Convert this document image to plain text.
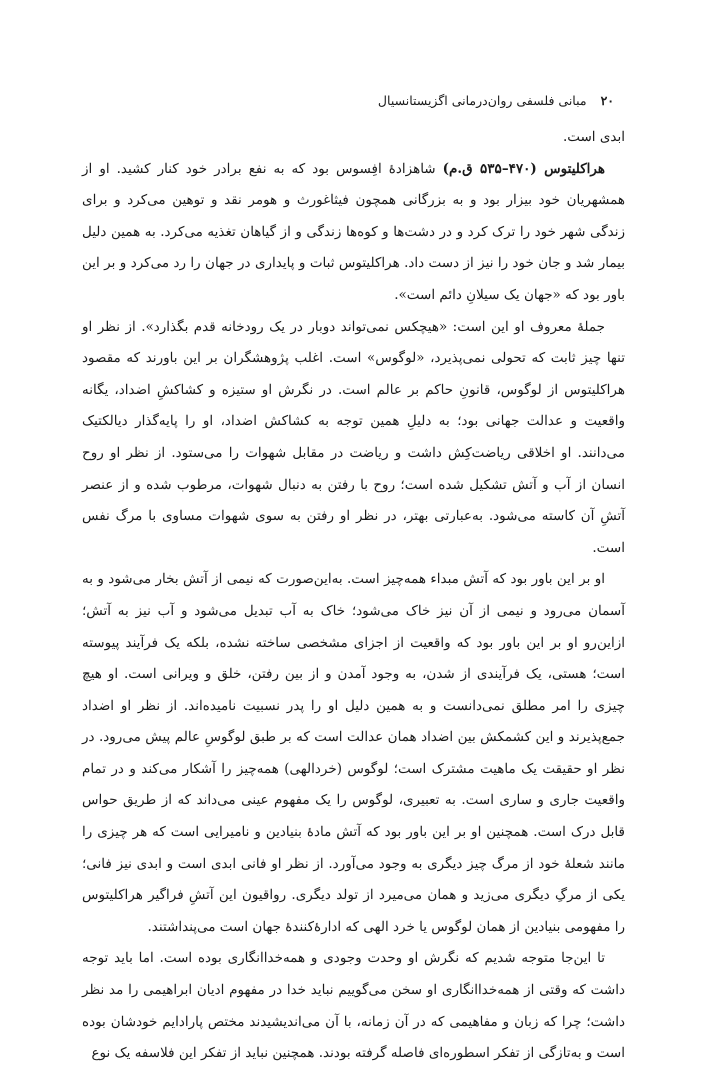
۲۰ مبانی فلسفی روان‌درمانی اگزیستانسیال

ابدی است.

هراکلیتوس (۴۷۰–۵۳۵ ق.م) شاهزادهٔ افِسوس بود که به نفع برادر خود کنار کشید. او از همشهریان خود بیزار بود و به بزرگانی همچون فیثاغورث و هومر نقد و توهین می‌کرد و برای زندگی شهر خود را ترک کرد و در دشت‌ها و کوه‌ها زندگی و از گیاهان تغذیه می‌کرد. به همین دلیل بیمار شد و جان خود را نیز از دست داد. هراکلیتوس ثبات و پایداری در جهان را رد می‌کرد و بر این باور بود که «جهان یک سیلانِ دائم است».

جملهٔ معروف او این است: «هیچکس نمی‌تواند دوبار در یک رودخانه قدم بگذارد». از نظر او تنها چیز ثابت که تحولی نمی‌پذیرد، «لوگوس» است. اغلب پژوهشگران بر این باورند که مقصود هراکلیتوس از لوگوس، قانونِ حاکم بر عالم است. در نگرش او ستیزه و کشاکشِ اضداد، یگانه واقعیت و عدالت جهانی بود؛ به دلیلِ همین توجه به کشاکش اضداد، او را پایه‌گذار دیالکتیک می‌دانند. او اخلاقی ریاضت‌کِش داشت و ریاضت در مقابل شهوات را می‌ستود. از نظر او روح انسان از آب و آتش تشکیل شده است؛ روح با رفتن به دنبال شهوات، مرطوب شده و از عنصر آتشِ آن کاسته می‌شود. به‌عبارتی بهتر، در نظر او رفتن به سوی شهوات مساوی با مرگ نفس است.

او بر این باور بود که آتش مبداء همه‌چیز است. به‌این‌صورت که نیمی از آتش بخار می‌شود و به آسمان می‌رود و نیمی از آن نیز خاک می‌شود؛ خاک به آب تبدیل می‌شود و آب نیز به آتش؛ ازاین‌رو او بر این باور بود که واقعیت از اجزای مشخصی ساخته نشده، بلکه یک فرآیند پیوسته است؛ هستی، یک فرآیندی از شدن، به وجود آمدن و از بین رفتن، خلق و ویرانی است. او هیچ چیزی را امر مطلق نمی‌دانست و به همین دلیل او را پدر نسبیت نامیده‌اند. از نظر او اضداد جمع‌پذیرند و این کشمکش بین اضداد همان عدالت است که بر طبق لوگوسِ عالم پیش می‌رود. در نظر او حقیقت یک ماهیت مشترک است؛ لوگوس (خردالهی) همه‌چیز را آشکار می‌کند و در تمام واقعیت جاری و ساری است. به تعبیری، لوگوس را یک مفهوم عینی می‌داند که از طریق حواس قابل درک است. همچنین او بر این باور بود که آتش مادهٔ بنیادین و نامیرایی است که هر چیزی را مانند شعلهٔ خود از مرگ چیز دیگری به وجود می‌آورد. از نظر او فانی ابدی است و ابدی نیز فانی؛ یکی از مرگِ دیگری می‌زید و همان می‌میرد از تولد دیگری. رواقیون این آتشِ فراگیر هراکلیتوس را مفهومی بنیادین از همان لوگوس یا خرد الهی که ادارهٔ‌کنندهٔ جهان است می‌پنداشتند.

تا این‌جا متوجه شدیم که نگرش او وحدت وجودی و همه‌خداانگاری بوده است. اما باید توجه داشت که وقتی از همه‌خداانگاری او سخن می‌گوییم نباید خدا در مفهوم ادیان ابراهیمی را مد نظر داشت؛ چرا که زبان و مفاهیمی که در آن زمانه، با آن می‌اندیشیدند مختص پارادایم خودشان بوده است و به‌تازگی از تفکر اسطوره‌ای فاصله گرفته بودند. همچنین نباید از تفکر این فلاسفه یک نوع
